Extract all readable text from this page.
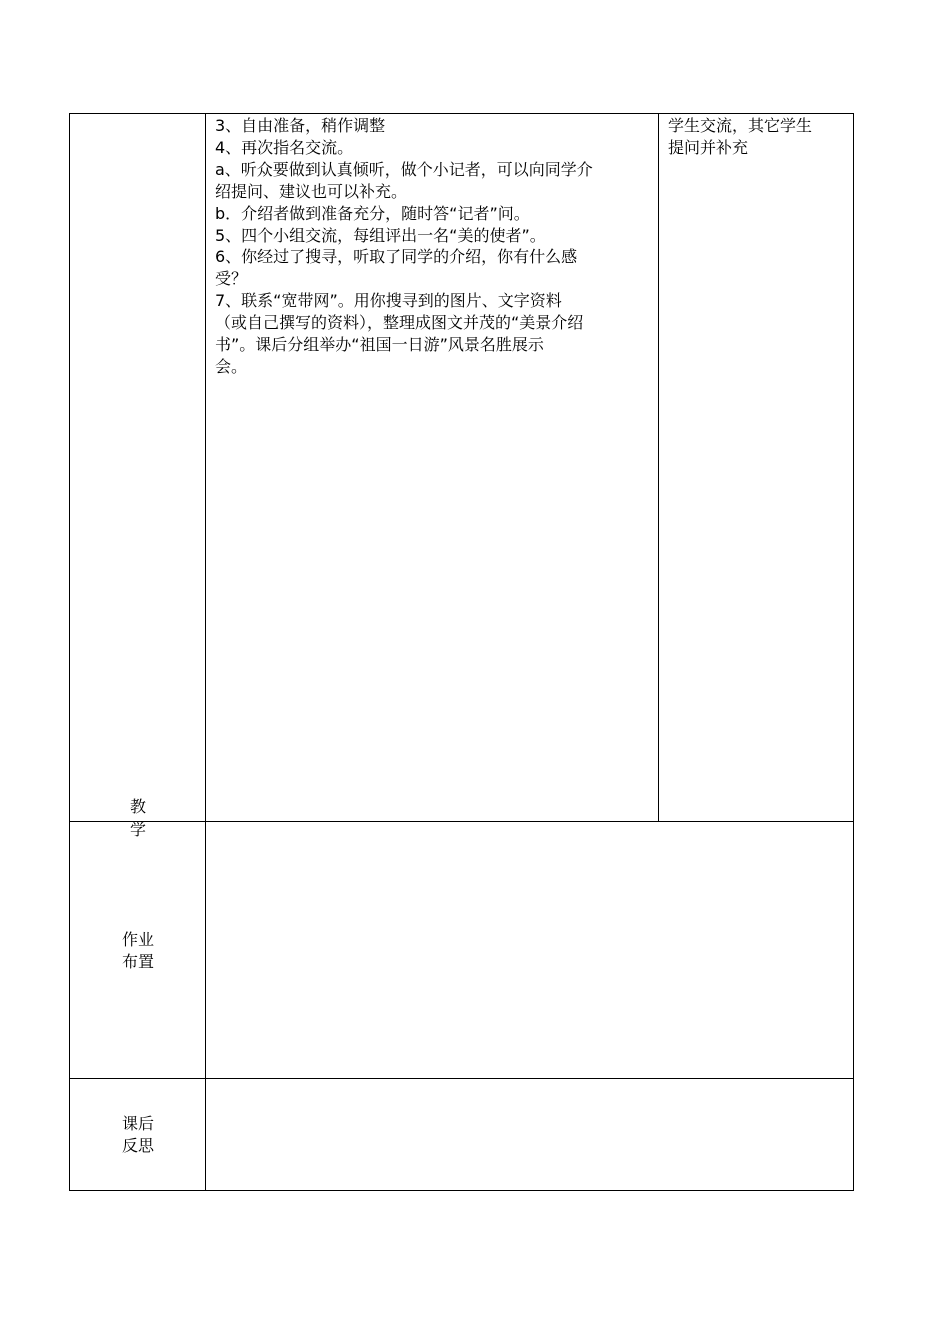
教
学
3、自由准备，稍作调整
4、再次指名交流。
a、听众要做到认真倾听，做个小记者，可以向同学介
绍提问、建议也可以补充。
b．介绍者做到准备充分，随时答“记者”问。
5、四个小组交流，每组评出一名“美的使者”。
6、你经过了搜寻，听取了同学的介绍，你有什么感
受？
7、联系“宽带网”。用你搜寻到的图片、文字资料
（或自己撰写的资料），整理成图文并茂的“美景介绍
书”。课后分组举办“祖国一日游”风景名胜展示
会。
学生交流，其它学生
提问并补充
作业
布置
课后
反思
